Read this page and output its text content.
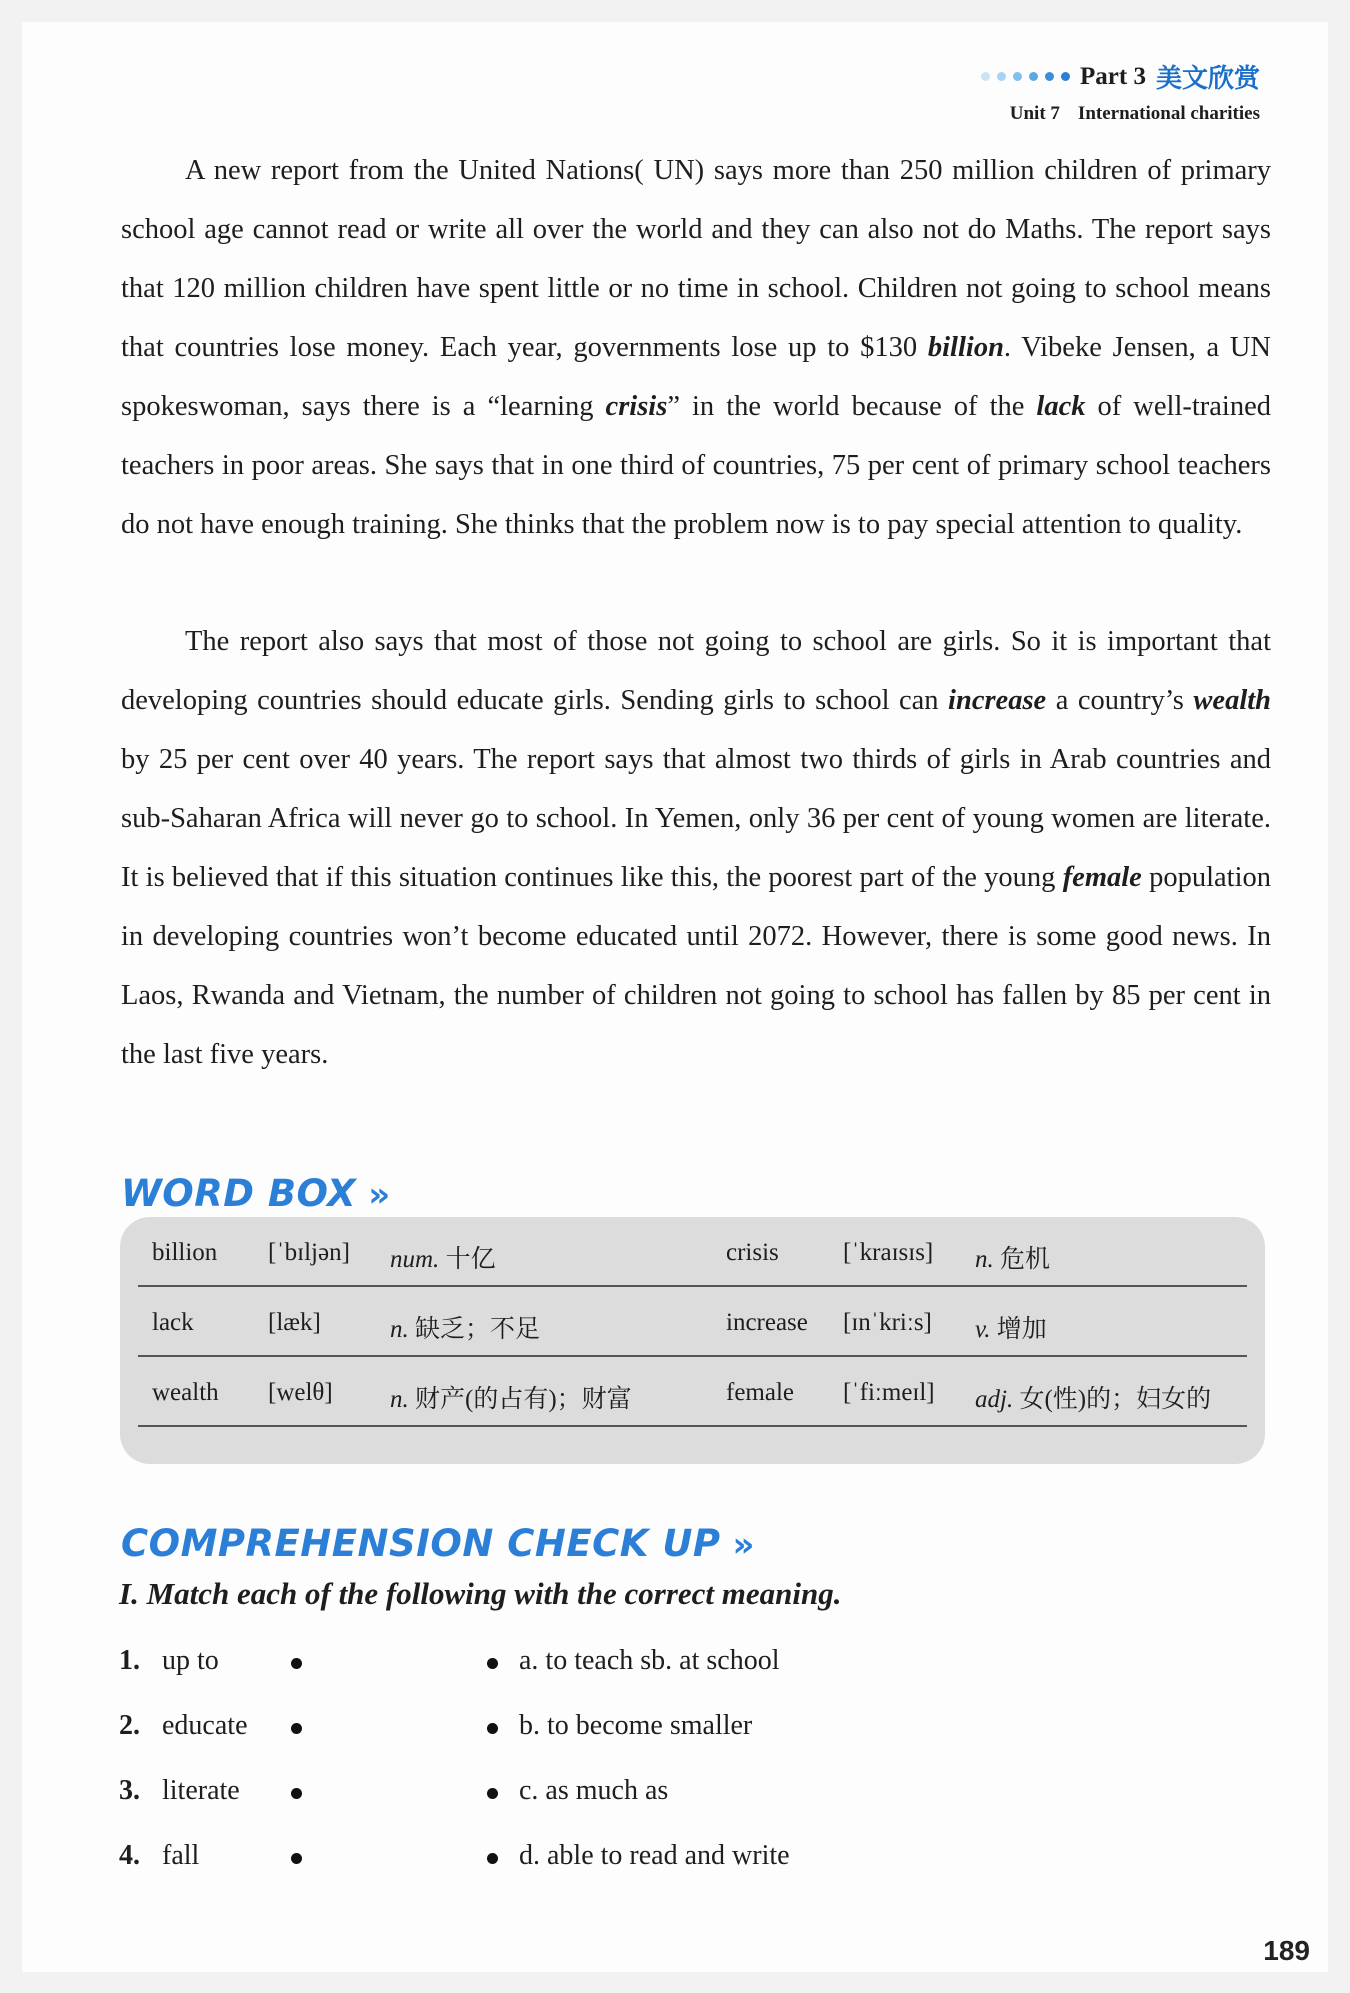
Part 3 美文欣赏
Unit 7 International charities

A new report from the United Nations( UN) says more than 250 million children of primary school age cannot read or write all over the world and they can also not do Maths. The report says that 120 million children have spent little or no time in school. Children not going to school means that countries lose money. Each year, governments lose up to $130 billion. Vibeke Jensen, a UN spokeswoman, says there is a “learning crisis” in the world because of the lack of well-trained teachers in poor areas. She says that in one third of countries, 75 per cent of primary school teachers do not have enough training. She thinks that the problem now is to pay special attention to quality.

The report also says that most of those not going to school are girls. So it is important that developing countries should educate girls. Sending girls to school can increase a country’s wealth by 25 per cent over 40 years. The report says that almost two thirds of girls in Arab countries and sub-Saharan Africa will never go to school. In Yemen, only 36 per cent of young women are literate. It is believed that if this situation continues like this, the poorest part of the young female population in developing countries won’t become educated until 2072. However, there is some good news. In Laos, Rwanda and Vietnam, the number of children not going to school has fallen by 85 per cent in the last five years.

WORD BOX »
billion [ˈbɪljən] num. 十亿	crisis	[ˈkraɪsɪs] n. 危机
lack	[læk]	n. 缺乏；不足	increase [ɪnˈkriːs] v. 增加
wealth [welθ] n. 财产(的占有)；财富	female [ˈfiːmeɪl] adj. 女(性)的；妇女的
COMPREHENSION CHECK UP »
I. Match each of the following with the correct meaning.
1. up to	a. to teach sb. at school
2. educate	b. to become smaller
3. literate	c. as much as
4. fall	d. able to read and write
189
